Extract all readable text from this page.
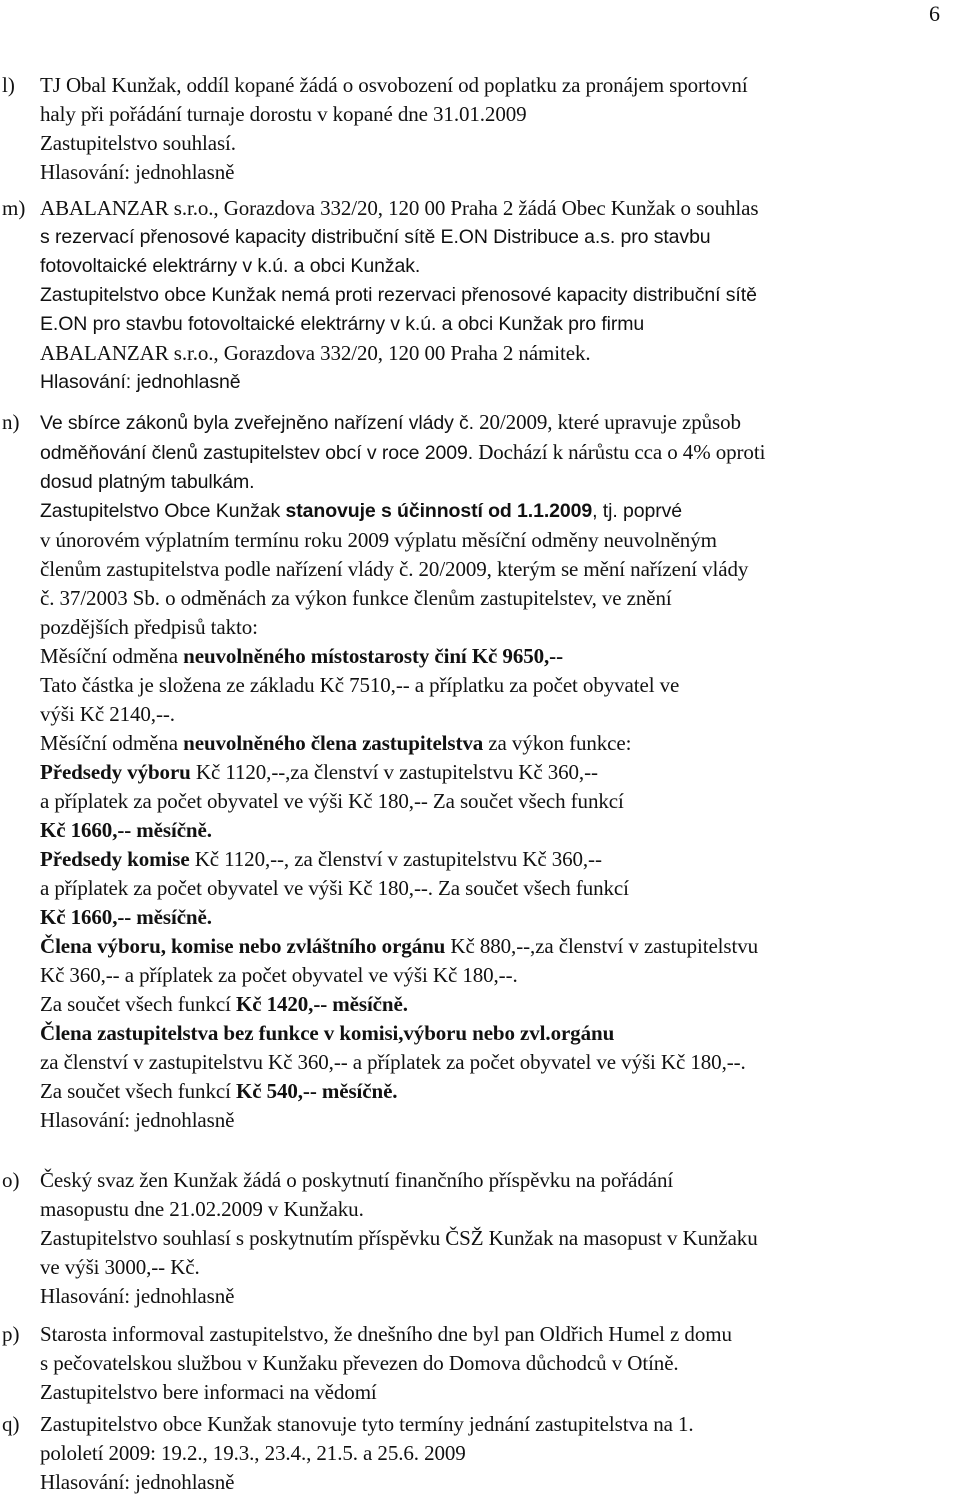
6
l) TJ Obal Kunžak, oddíl kopané žádá o osvobození od poplatku za pronájem sportovní
haly při pořádání turnaje dorostu v kopané dne 31.01.2009
Zastupitelstvo souhlasí.
Hlasování: jednohlasně
m) ABALANZAR s.r.o., Gorazdova 332/20, 120 00 Praha 2 žádá Obec Kunžak o souhlas
s rezervací přenosové kapacity distribuční sítě E.ON Distribuce a.s. pro stavbu
fotovoltaické elektrárny v k.ú. a obci Kunžak.
Zastupitelstvo obce Kunžak nemá proti rezervaci přenosové kapacity distribuční sítě
E.ON pro stavbu fotovoltaické elektrárny v k.ú. a obci Kunžak pro firmu
ABALANZAR s.r.o., Gorazdova 332/20, 120 00 Praha 2 námitek.
Hlasování: jednohlasně
n) Ve sbírce zákonů byla zveřejněno nařízení vlády č. 20/2009, které upravuje způsob
odměňování členů zastupitelstev obcí v roce 2009. Dochází k nárůstu cca o 4% oproti
dosud platným tabulkám.
Zastupitelstvo Obce Kunžak stanovuje s účinností od 1.1.2009, tj. poprvé
v únorovém výplatním termínu roku 2009 výplatu měsíční odměny neuvolněným
členům zastupitelstva podle nařízení vlády č. 20/2009, kterým se mění nařízení vlády
č. 37/2003 Sb. o odměnách za výkon funkce členům zastupitelstev, ve znění
pozdějších předpisů takto:
Měsíční odměna neuvolněného místostarosty činí Kč 9650,--
Tato částka je složena ze základu Kč 7510,-- a příplatku za počet obyvatel ve
výši Kč 2140,--.
Měsíční odměna neuvolněného člena zastupitelstva za výkon funkce:
Předsedy výboru Kč 1120,--,za členství v zastupitelstvu Kč 360,--
a příplatek za počet obyvatel ve výši Kč 180,-- Za součet všech funkcí
Kč 1660,-- měsíčně.
Předsedy komise Kč 1120,--, za členství v zastupitelstvu Kč 360,--
a příplatek za počet obyvatel ve výši Kč 180,--. Za součet všech funkcí
Kč 1660,-- měsíčně.
Člena výboru, komise nebo zvláštního orgánu Kč 880,--,za členství v zastupitelstvu
Kč 360,-- a příplatek za počet obyvatel ve výši Kč 180,--.
Za součet všech funkcí Kč 1420,-- měsíčně.
Člena zastupitelstva bez funkce v komisi,výboru nebo zvl.orgánu
za členství v zastupitelstvu Kč 360,-- a příplatek za počet obyvatel ve výši Kč 180,--.
Za součet všech funkcí Kč 540,-- měsíčně.
Hlasování: jednohlasně
o) Český svaz žen Kunžak žádá o poskytnutí finančního příspěvku na pořádání
masopustu dne 21.02.2009 v Kunžaku.
Zastupitelstvo souhlasí s poskytnutím příspěvku ČSŽ Kunžak na masopust v Kunžaku
ve výši 3000,-- Kč.
Hlasování: jednohlasně
p) Starosta informoval zastupitelstvo, že dnešního dne byl pan Oldřich Humel z domu
s pečovatelskou službou v Kunžaku převezen do Domova důchodců v Otíně.
Zastupitelstvo bere informaci na vědomí
q) Zastupitelstvo obce Kunžak stanovuje tyto termíny jednání zastupitelstva na 1.
pololetí 2009: 19.2., 19.3., 23.4., 21.5. a 25.6. 2009
Hlasování: jednohlasně
